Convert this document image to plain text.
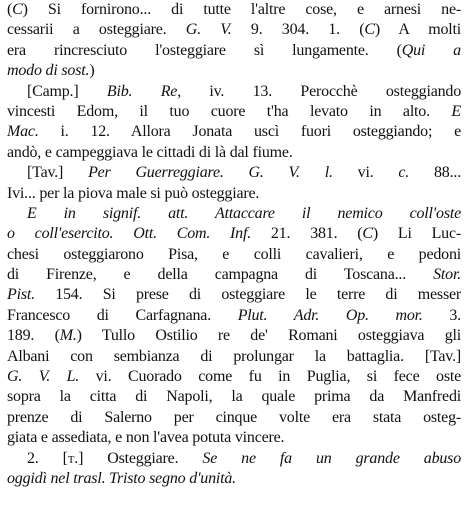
(C) Si fornirono... di tutte l'altre cose, e arnesi ne-
cessarii a osteggiare. G. V. 9. 304. 1. (C) A molti
era rincresciuto l'osteggiare sì lungamente. (Qui a
modo di sost.)
[Camp.] Bib. Re, iv. 13. Perocchè osteggiando
vincesti Edom, il tuo cuore t'ha levato in alto. E
Mac. i. 12. Allora Jonata uscì fuori osteggiando; e
andò, e campeggiava le cittadi di là dal fiume.
[Tav.] Per Guerreggiare. G. V. l. vi. c. 88...
Ivi... per la piova male si può osteggiare.
E in signif. att. Attaccare il nemico coll'oste
o coll'esercito. Ott. Com. Inf. 21. 381. (C) Li Luc-
chesi osteggiarono Pisa, e colli cavalieri, e pedoni
di Firenze, e della campagna di Toscana... Stor.
Pist. 154. Si prese di osteggiare le terre di messer
Francesco di Carfagnana. Plut. Adr. Op. mor. 3.
189. (M.) Tullo Ostilio re de' Romani osteggiava gli
Albani con sembianza di prolungar la battaglia. [Tav.]
G. V. L. vi. Cuorado come fu in Puglia, si fece oste
sopra la citta di Napoli, la quale prima da Manfredi
prenze di Salerno per cinque volte era stata osteg-
giata e assediata, e non l'avea potuta vincere.
2. [t.] Osteggiare. Se ne fa un grande abuso
oggidì nel trasl. Tristo segno d'unità.
